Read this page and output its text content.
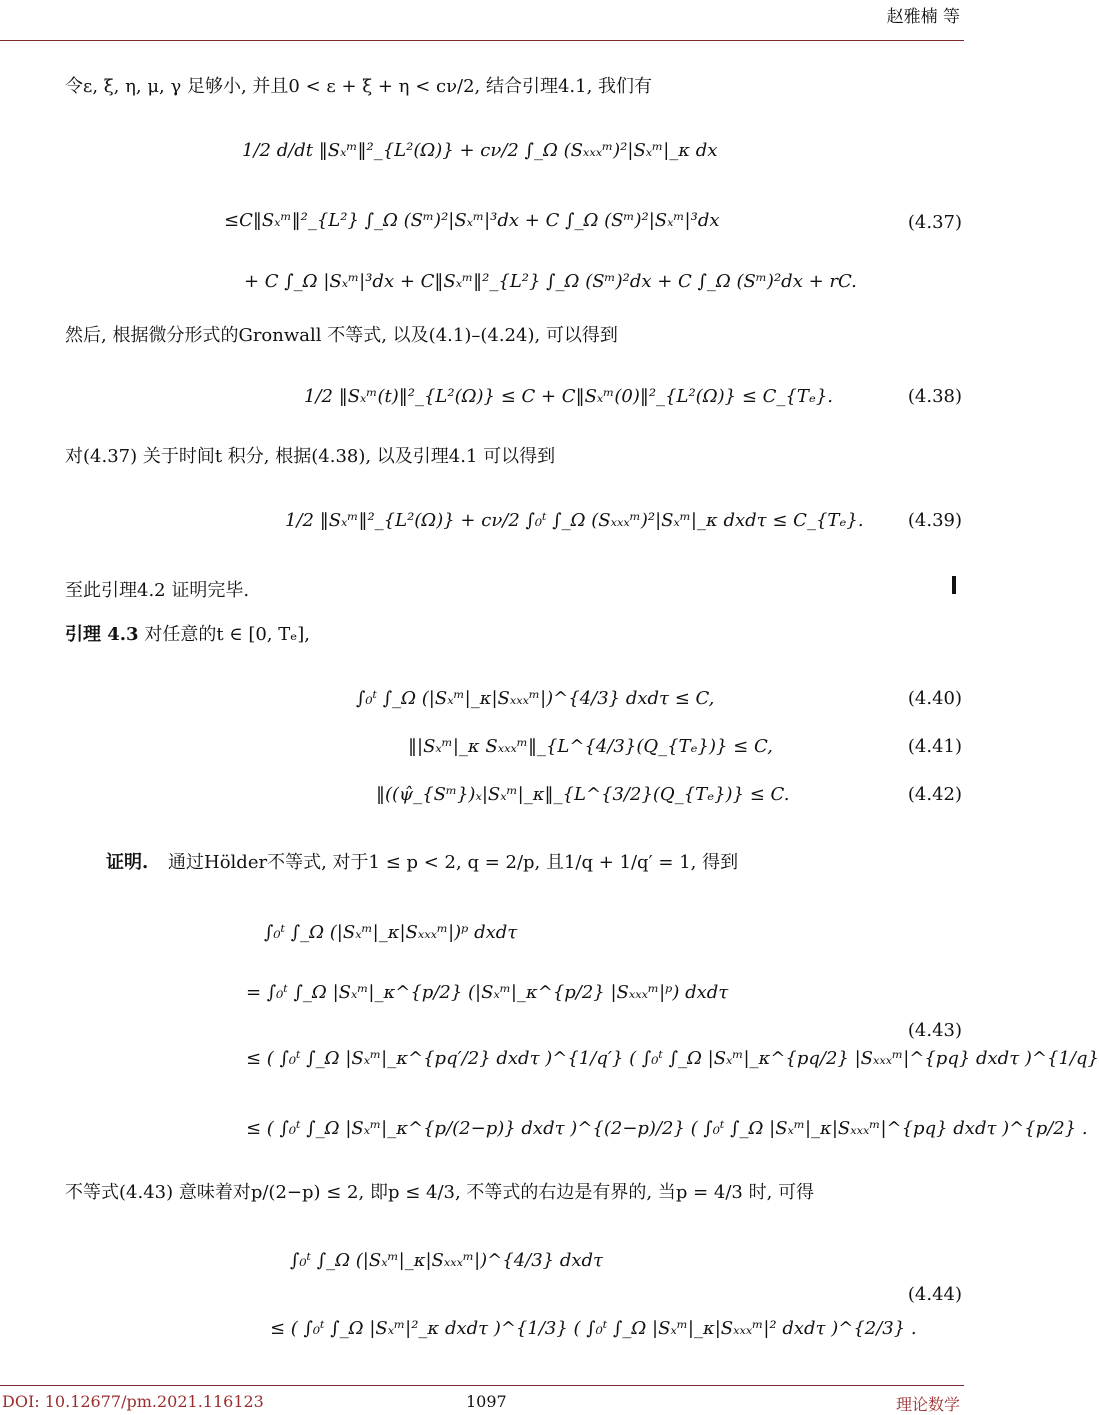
赵雅楠 等
令ε, ξ, η, μ, γ 足够小, 并且0 < ε + ξ + η < cν/2, 结合引理4.1, 我们有
1/2 d/dt ‖Sₓᵐ‖²_{L²(Ω)} + cν/2 ∫_Ω (Sₓₓₓᵐ)²|Sₓᵐ|_κ dx
≤C‖Sₓᵐ‖²_{L²} ∫_Ω (Sᵐ)²|Sₓᵐ|³dx + C ∫_Ω (Sᵐ)²|Sₓᵐ|³dx
+ C ∫_Ω |Sₓᵐ|³dx + C‖Sₓᵐ‖²_{L²} ∫_Ω (Sᵐ)²dx + C ∫_Ω (Sᵐ)²dx + rC.
(4.37)
然后, 根据微分形式的Gronwall 不等式, 以及(4.1)–(4.24), 可以得到
1/2 ‖Sₓᵐ(t)‖²_{L²(Ω)} ≤ C + C‖Sₓᵐ(0)‖²_{L²(Ω)} ≤ C_{Tₑ}.	(4.38)
对(4.37) 关于时间t 积分, 根据(4.38), 以及引理4.1 可以得到
1/2 ‖Sₓᵐ‖²_{L²(Ω)} + cν/2 ∫₀ᵗ ∫_Ω (Sₓₓₓᵐ)²|Sₓᵐ|_κ dxdτ ≤ C_{Tₑ}. (4.39)
至此引理4.2 证明完毕.
引理 4.3 对任意的t ∈ [0, Tₑ],
∫₀ᵗ ∫_Ω (|Sₓᵐ|_κ|Sₓₓₓᵐ|)^{4/3} dxdτ ≤ C,	(4.40)
‖|Sₓᵐ|_κ Sₓₓₓᵐ‖_{L^{4/3}(Q_{Tₑ})} ≤ C,	(4.41)
‖((ψ̂_{Sᵐ})ₓ|Sₓᵐ|_κ‖_{L^{3/2}(Q_{Tₑ})} ≤ C.	(4.42)
证明. 通过Hölder不等式, 对于1 ≤ p < 2, q = 2/p, 且1/q + 1/q′ = 1, 得到
∫₀ᵗ ∫_Ω (|Sₓᵐ|_κ|Sₓₓₓᵐ|)ᵖ dxdτ
= ∫₀ᵗ ∫_Ω |Sₓᵐ|_κ^{p/2} (|Sₓᵐ|_κ^{p/2} |Sₓₓₓᵐ|ᵖ) dxdτ
≤ ( ∫₀ᵗ ∫_Ω |Sₓᵐ|_κ^{pq′/2} dxdτ )^{1/q′} ( ∫₀ᵗ ∫_Ω |Sₓᵐ|_κ^{pq/2} |Sₓₓₓᵐ|^{pq} dxdτ )^{1/q}
≤ ( ∫₀ᵗ ∫_Ω |Sₓᵐ|_κ^{p/(2−p)} dxdτ )^{(2−p)/2} ( ∫₀ᵗ ∫_Ω |Sₓᵐ|_κ|Sₓₓₓᵐ|^{pq} dxdτ )^{p/2} .
(4.43)
不等式(4.43) 意味着对p/(2−p) ≤ 2, 即p ≤ 4/3, 不等式的右边是有界的, 当p = 4/3 时, 可得
∫₀ᵗ ∫_Ω (|Sₓᵐ|_κ|Sₓₓₓᵐ|)^{4/3} dxdτ
≤ ( ∫₀ᵗ ∫_Ω |Sₓᵐ|²_κ dxdτ )^{1/3} ( ∫₀ᵗ ∫_Ω |Sₓᵐ|_κ|Sₓₓₓᵐ|² dxdτ )^{2/3} .
(4.44)
DOI: 10.12677/pm.2021.116123	1097	理论数学
